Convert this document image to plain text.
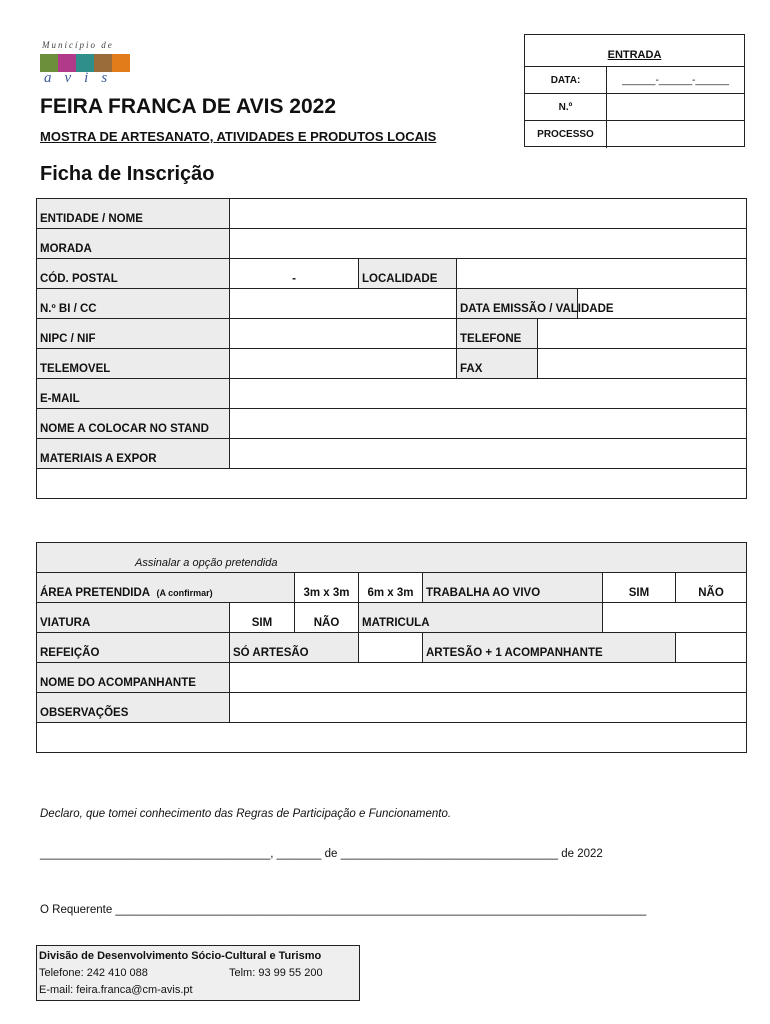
Município de
avis
FEIRA FRANCA DE AVIS 2022
MOSTRA DE ARTESANATO, ATIVIDADES E PRODUTOS LOCAIS
Ficha de Inscrição
ENTRADA
DATA:	______-______-______
N.º
PROCESSO
ENTIDADE / NOME					
MORADA					
CÓD. POSTAL	-	LOCALIDADE			
N.º BI / CC			DATA EMISSÃO / VALIDADE		
NIPC / NIF			TELEFONE		
TELEMOVEL			FAX		
E-MAIL					
NOME A COLOCAR NO STAND					
MATERIAIS A EXPOR					

Assinalar a opção pretendida						
ÁREA PRETENDIDA (A confirmar)		3m x 3m	6m x 3m	TRABALHA AO VIVO	SIM	NÃO
VIATURA	SIM	NÃO	MATRICULA			
REFEIÇÃO	SÓ ARTESÃO			ARTESÃO + 1 ACOMPANHANTE		
NOME DO ACOMPANHANTE						
OBSERVAÇÕES						

Declaro, que tomei conhecimento das Regras de Participação e Funcionamento.
____________________________________, _______ de __________________________________ de 2022
O Requerente ___________________________________________________________________________________
Divisão de Desenvolvimento Sócio-Cultural e Turismo
Telefone: 242 410 088	Telm: 93 99 55 200
E-mail: feira.franca@cm-avis.pt
